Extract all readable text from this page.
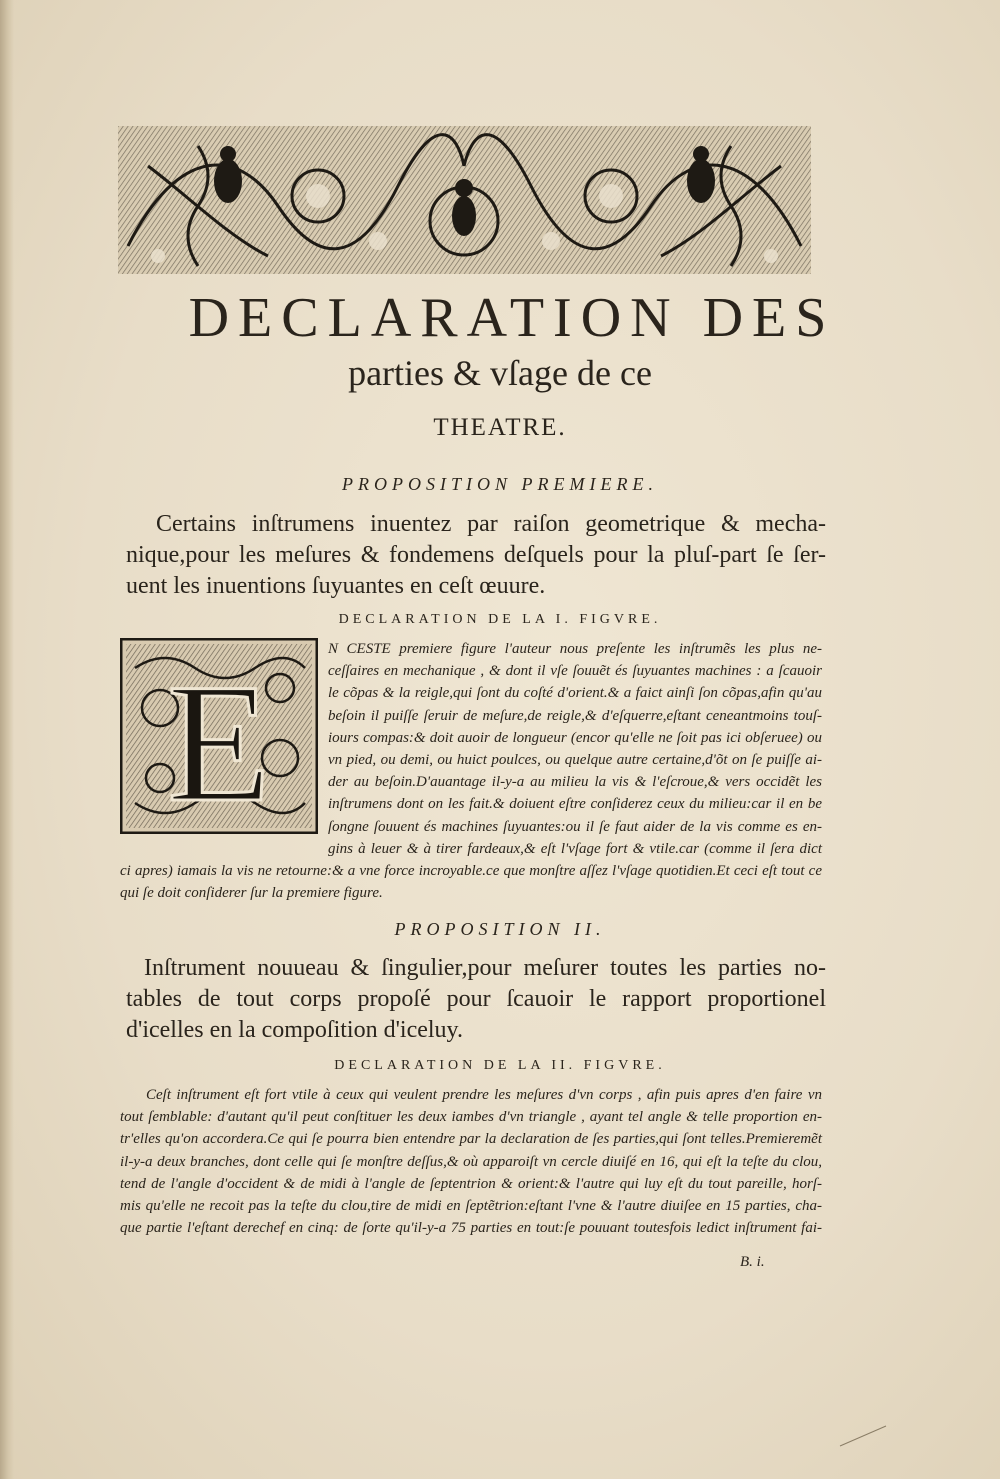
DECLARATION DES
parties & vſage de ce
THEATRE.
PROPOSITION PREMIERE.
Certains inſtrumens inuentez par raiſon geometrique & mecha-
nique,pour les meſures & fondemens deſquels pour la pluſ-part ſe ſer-
uent les inuentions ſuyuantes en ceſt œuure.
DECLARATION DE LA I. FIGVRE.
E	N CESTE premiere figure l'auteur nous preſente les inſtrumẽs les plus ne-
ceſſaires en mechanique , & dont il vſe ſouuẽt és ſuyuantes machines : a ſcauoir
le cõpas & la reigle,qui ſont du coſté d'orient.& a faict ainſi ſon cõpas,afin qu'au
beſoin il puiſſe ſeruir de meſure,de reigle,& d'eſquerre,eſtant ceneantmoins touſ-
iours compas:& doit auoir de longueur (encor qu'elle ne ſoit pas ici obſeruee) ou
vn pied, ou demi, ou huict poulces, ou quelque autre certaine,d'õt on ſe puiſſe ai-
der au beſoin.D'auantage il-y-a au milieu la vis & l'eſcroue,& vers occidẽt les
inſtrumens dont on les fait.& doiuent eſtre conſiderez ceux du milieu:car il en be
ſongne ſouuent és machines ſuyuantes:ou il ſe faut aider de la vis comme es en-
gins à leuer & à tirer fardeaux,& eſt l'vſage fort & vtile.car (comme il ſera dict
ci apres) iamais la vis ne retourne:& a vne force incroyable.ce que monſtre aſſez l'vſage quotidien.Et ceci eſt tout ce
qui ſe doit conſiderer ſur la premiere figure.
PROPOSITION II.
Inſtrument nouueau & ſingulier,pour meſurer toutes les parties no-
tables de tout corps propoſé pour ſcauoir le rapport proportionel
d'icelles en la compoſition d'iceluy.
DECLARATION DE LA II. FIGVRE.
Ceſt inſtrument eſt fort vtile à ceux qui veulent prendre les meſures d'vn corps , afin puis apres d'en faire vn
tout ſemblable: d'autant qu'il peut conſtituer les deux iambes d'vn triangle , ayant tel angle & telle proportion en-
tr'elles qu'on accordera.Ce qui ſe pourra bien entendre par la declaration de ſes parties,qui ſont telles.Premieremẽt
il-y-a deux branches, dont celle qui ſe monſtre deſſus,& où apparoiſt vn cercle diuiſé en 16, qui eſt la teſte du clou,
tend de l'angle d'occident & de midi à l'angle de ſeptentrion & orient:& l'autre qui luy eſt du tout pareille, horſ-
mis qu'elle ne recoit pas la teſte du clou,tire de midi en ſeptẽtrion:eſtant l'vne & l'autre diuiſee en 15 parties, cha-
que partie l'eſtant derechef en cinq: de ſorte qu'il-y-a 75 parties en tout:ſe pouuant toutesfois ledict inſtrument fai-
B. i.
